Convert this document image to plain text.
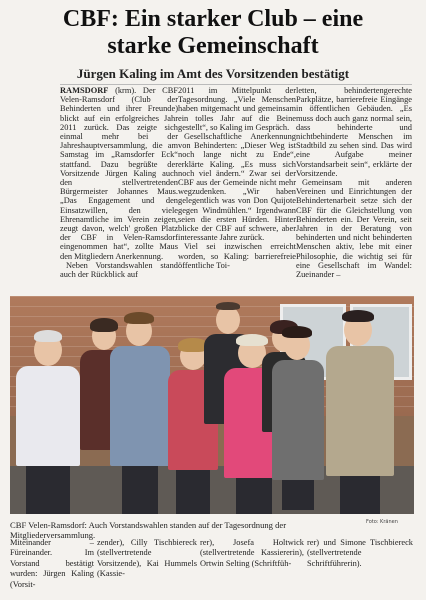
CBF: Ein starker Club – eine
starke Gemeinschaft
Jürgen Kaling im Amt des Vorsitzenden bestätigt

RAMSDORF (krm). Der CBF Velen-Ramsdorf (Club der Behinderten und ihrer Freunde) blickt auf ein erfolgreiches Jahr 2011 zurück. Das zeigte sich einmal mehr bei der Jahreshauptversammlung, die am Samstag im „Ramsdorfer Eck“ stattfand. Dazu begrüßte der Vorsitzende Jürgen Kaling auch den stellvertretenden Bürgermeister Johannes Maus. „Das Engagement und den Einsatzwillen, den viele Ehrenamtliche im Verein zeigen, zeugt davon, welch' großen Platz der CBF in Velen-Ramsdorf eingenommen hat“, zollte Maus den Mitgliedern Anerkennung.

Neben Vorstandswahlen stand auch der Rückblick auf

2011 im Mittelpunkt der Tagesordnung. „Viele Menschen haben mitgemacht und gemeinsam ein tolles Jahr auf die Beine gestellt“, so Kaling im Gespräch.

Gesellschaftliche Anerkennung von Behinderten: „Dieser Weg ist noch lange nicht zu Ende“, erklärte Kaling. „Es muss sich noch viel ändern.“ Zwar sei der CBF aus der Gemeinde nicht mehr wegzudenken. „Wir haben gelegentlich was von Don Quijote gegen Windmühlen.“ Irgendwann seien die ersten Hürden. Hinter blicke der CBF auf schwere, aber interessante Jahre zurück.

Viel sei inzwischen erreicht worden, so Kaling: barrierefreie öffentliche Toi-

letten, behindertengerechte Parkplätze, barrierefreie Eingänge in öffentlichen Gebäuden. „Es muss doch auch ganz normal sein, dass behinderte und nichtbehinderte Menschen im Stadtbild zu sehen sind. Das wird eine Aufgabe meiner Vorstandsarbeit sein“, erklärte der Vorsitzende.

Gemeinsam mit anderen Vereinen und Einrichtungen der Behindertenarbeit setze sich der CBF für die Gleichstellung von Behinderten ein. Der Verein, seit Jahren in der Beratung von behinderten und nicht behinderten Menschen aktiv, lebe mit einer Philosophie, die wichtig sei für eine Gesellschaft im Wandel: Zueinander –

CBF Velen-Ramsdorf: Auch Vorstandswahlen standen auf der Tagesordnung der Mitgliederversammlung.
Foto: Kränen
Miteinander – Füreinander. Im Vorstand bestätigt wurden: Jürgen Kaling (Vorsit-
zender), Cilly Tischbiereck (stellvertretende Vorsitzende), Kai Hummels (Kassie-
rer), Josefa Holtwick (stellvertretende Kassiererin), Ortwin Selting (Schriftfüh-
rer) und Simone Tischbiereck (stellvertretende Schriftführerin).
